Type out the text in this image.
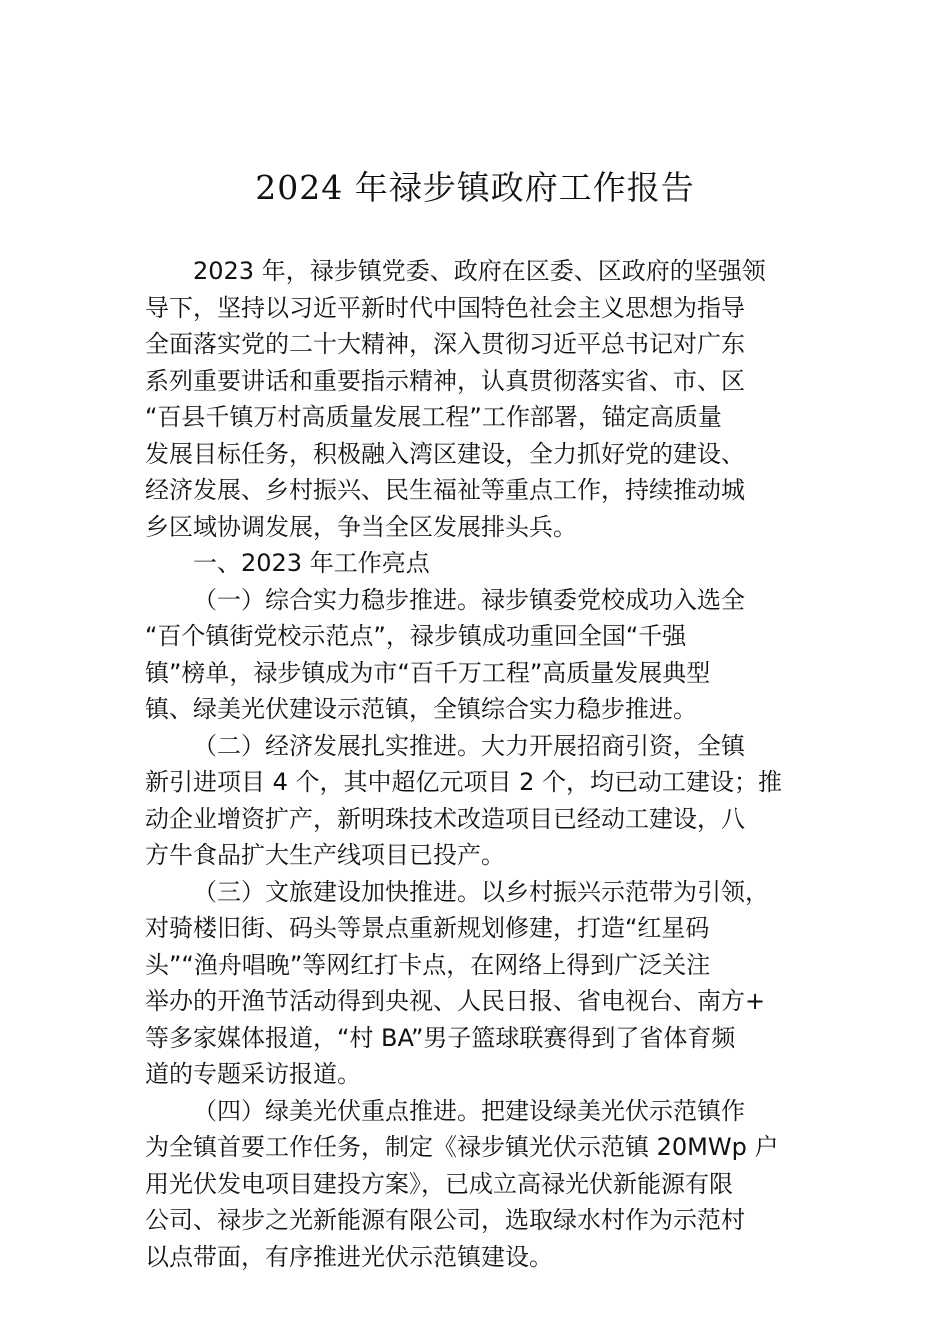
2024 年禄步镇政府工作报告
2023 年，禄步镇党委、政府在区委、区政府的坚强领
导下，坚持以习近平新时代中国特色社会主义思想为指导
全面落实党的二十大精神，深入贯彻习近平总书记对广东
系列重要讲话和重要指示精神，认真贯彻落实省、市、区
“百县千镇万村高质量发展工程”工作部署，锚定高质量
发展目标任务，积极融入湾区建设，全力抓好党的建设、
经济发展、乡村振兴、民生福祉等重点工作，持续推动城
乡区域协调发展，争当全区发展排头兵。
一、2023 年工作亮点
（一）综合实力稳步推进。禄步镇委党校成功入选全
“百个镇街党校示范点”，禄步镇成功重回全国“千强
镇”榜单，禄步镇成为市“百千万工程”高质量发展典型
镇、绿美光伏建设示范镇，全镇综合实力稳步推进。
（二）经济发展扎实推进。大力开展招商引资，全镇
新引进项目 4 个，其中超亿元项目 2 个，均已动工建设；推
动企业增资扩产，新明珠技术改造项目已经动工建设，八
方牛食品扩大生产线项目已投产。
（三）文旅建设加快推进。以乡村振兴示范带为引领，
对骑楼旧街、码头等景点重新规划修建，打造“红星码
头”“渔舟唱晚”等网红打卡点，在网络上得到广泛关注
举办的开渔节活动得到央视、人民日报、省电视台、南方+
等多家媒体报道，“村 BA”男子篮球联赛得到了省体育频
道的专题采访报道。
（四）绿美光伏重点推进。把建设绿美光伏示范镇作
为全镇首要工作任务，制定《禄步镇光伏示范镇 20MWp 户
用光伏发电项目建投方案》，已成立高禄光伏新能源有限
公司、禄步之光新能源有限公司，选取绿水村作为示范村
以点带面，有序推进光伏示范镇建设。
